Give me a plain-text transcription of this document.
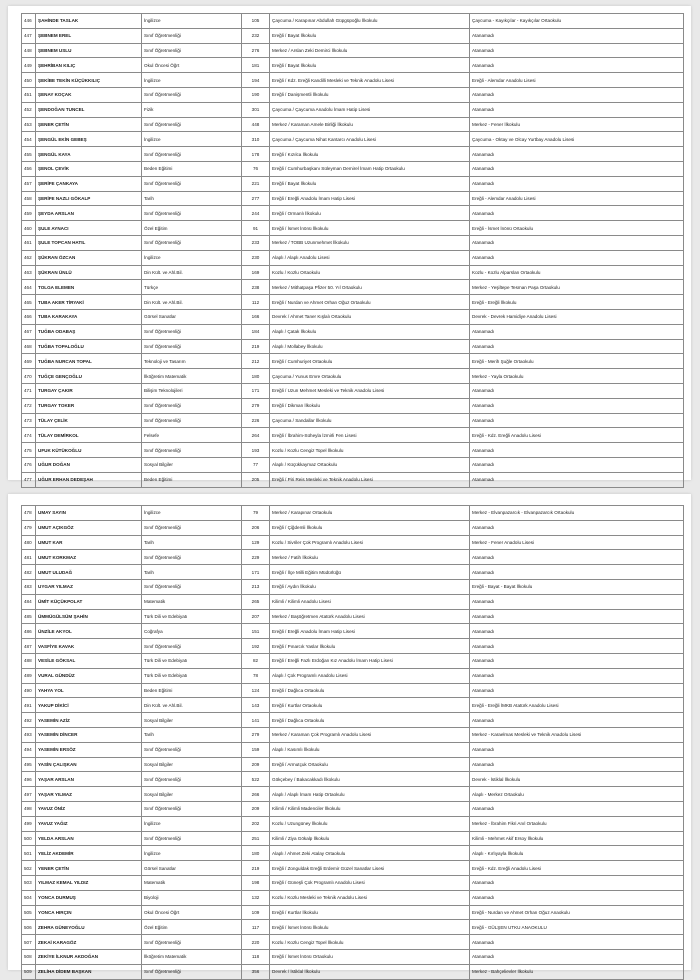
446	ŞAHİNDE TASLAK	İngilizce	105	Çaycuma / Karapınar Abdullah Güpgüpoğlu İlkokulu	Çaycuma - Kayıkçılar - Kayıkçılar Ortaokulu
447	ŞEBNEM EREL	Sınıf Öğretmenliği	232	Ereğli / Bayat İlkokulu	Atanamadı
448	ŞEBNEM USLU	Sınıf Öğretmenliği	276	Merkez / Arslan Zeki Demirci İlkokulu	Atanamadı
449	ŞEHRİBAN KILIÇ	Okul Öncesi Öğrt	181	Ereğli / Bayat İlkokulu	Atanamadı
450	ŞEKİBE TEKİN KÜÇÜKKILIÇ	İngilizce	194	Ereğli / Kdz. Ereğli Kandilli Mesleki ve Teknik Anadolu Lisesi	Ereğli - Alemdar Anadolu Lisesi
451	ŞENAY KOÇAK	Sınıf Öğretmenliği	190	Ereğli / Danişmentli İlkokulu	Atanamadı
452	ŞENDOĞAN TUNCEL	Fizik	301	Çaycuma / Çaycuma Anadolu İmam Hatip Lisesi	Atanamadı
453	ŞENER ÇETİN	Sınıf Öğretmenliği	448	Merkez / Karaman Amele Birliği İlkokulu	Merkez - Fener İlkokulu
454	ŞENGÜL EKİN GEBEŞ	İngilizce	310	Çaycuma / Çaycuma Nihat Kantarcı Anadolu Lisesi	Çaycuma - Oktay ve Olcay Yurtbay Anadolu Lisesi
455	ŞENGÜL KAYA	Sınıf Öğretmenliği	178	Ereğli / Kızılca İlkokulu	Atanamadı
456	ŞENOL ÇEVİK	Beden Eğitimi	76	Ereğli / Cumhurbaşkanı Süleyman Demirel İmam Hatip Ortaokulu	Atanamadı
457	ŞERİFE ÇANKAYA	Sınıf Öğretmenliği	221	Ereğli / Bayat İlkokulu	Atanamadı
458	ŞERİFE NAZLI GÖKALP	Tarih	277	Ereğli / Ereğli Anadolu İmam Hatip Lisesi	Ereğli - Alemdar Anadolu Lisesi
459	ŞEYDA ARSLAN	Sınıf Öğretmenliği	244	Ereğli / Ormanlı İlkokulu	Atanamadı
460	ŞULE AYNACI	Özel Eğitim	91	Ereğli / İsmet İnönü İlkokulu	Ereğli - İsmet İnönü Ortaokulu
461	ŞULE TOPCAN HATIL	Sınıf Öğretmenliği	233	Merkez / TOBB Uzunmehmet İlkokulu	Atanamadı
462	ŞÜKRAN ÖZCAN	İngilizce	230	Alaplı / Alaplı Anadolu Lisesi	Atanamadı
463	ŞÜKRAN ÜNLÜ	Din Kült. ve Ahl.Bil.	169	Kozlu / Kozlu Ortaokulu	Kozlu - Kozlu Alparslan Ortaokulu
464	TOLGA ELEMEN	Türkçe	238	Merkez / Mithatpaşa Pfizer 50. Yıl Ortaokulu	Merkez - Yeşiltepe Tesman Paşa Ortaokulu
465	TUBA AKER TİRYAKİ	Din Kült. ve Ahl.Bil.	112	Ereğli / Nurdan ve Ahmet Orhan Oğuz Ortaokulu	Ereğli - Ereğli İlkokulu
466	TUBA KARAKAYA	Görsel Sanatlar	166	Devrek / Ahmet Taner Kışlalı Ortaokulu	Devrek - Devrek Hamidiye Anadolu Lisesi
467	TUĞBA ODABAŞ	Sınıf Öğretmenliği	184	Alaplı / Çatak İlkokulu	Atanamadı
468	TUĞBA TOPALOĞLU	Sınıf Öğretmenliği	219	Alaplı / Mollabey İlkokulu	Atanamadı
469	TUĞBA NURCAN TOPAL	Teknoloji ve Tasarım	212	Ereğli / Cumhuriyet Ortaokulu	Ereğli - Merih Şuğle Ortaokulu
470	TUĞÇE GENÇOĞLU	İlköğretim Matematik	180	Çaycuma / Yunus Emre Ortaokulu	Merkez - Yayla Ortaokulu
471	TURGAY ÇAKIR	Bilişim Teknolojileri	171	Ereğli / Uzun Mehmet Mesleki ve Teknik Anadolu Lisesi	Atanamadı
472	TURGAY TOKER	Sınıf Öğretmenliği	279	Ereğli / Dikman İlkokulu	Atanamadı
473	TÜLAY ÇELİK	Sınıf Öğretmenliği	226	Çaycuma / Sandallar İlkokulu	Atanamadı
474	TÜLAY DEMİRKOL	Felsefe	264	Ereğli / İbrahim-Süheyla İzmirli Fen Lisesi	Ereğli - Kdz. Ereğli Anadolu Lisesi
475	UFUK KÜTÜKOĞLU	Sınıf Öğretmenliği	193	Kozlu / Kozlu Cengiz Topel İlkokulu	Atanamadı
476	UĞUR DOĞAN	Sosyal Bilgiler	77	Alaplı / Küçükkaymaz Ortaokulu	Atanamadı
477	UĞUR ERHAN DEDEŞAH	Beden Eğitimi	205	Ereğli / Piri Reis Mesleki ve Teknik Anadolu Lisesi	Atanamadı
478	UMAY SAYIN	İngilizce	79	Merkez / Karapınar Ortaokulu	Merkez - Elvanpazarcık - Elvanpazarcık Ortaokulu
479	UMUT AÇIKGÖZ	Sınıf Öğretmenliği	206	Ereğli / Çiğdemli İlkokulu	Atanamadı
480	UMUT KAR	Tarih	129	Kozlu / Sivriler Çok Programlı Anadolu Lisesi	Merkez - Fener Anadolu Lisesi
481	UMUT KORKMAZ	Sınıf Öğretmenliği	229	Merkez / Fatih İlkokulu	Atanamadı
482	UMUT ULUDAĞ	Tarih	171	Ereğli / İlçe Milli Eğitim Müdürlüğü	Atanamadı
483	UYGAR YILMAZ	Sınıf Öğretmenliği	213	Ereğli / Aydın İlkokulu	Ereğli - Bayat - Bayat İlkokulu
484	ÜMİT KÜÇÜKPOLAT	Matematik	265	Kilimli / Kilimli Anadolu Lisesi	Atanamadı
485	ÜMMÜGÜLSÜM ŞAHİN	Türk Dili ve Edebiyatı	207	Merkez / Başöğretmen Atatürk Anadolu Lisesi	Atanamadı
486	ÜNZİLE AKYOL	Coğrafya	151	Ereğli / Ereğli Anadolu İmam Hatip Lisesi	Atanamadı
487	VASFİYE KAVAK	Sınıf Öğretmenliği	192	Ereğli / Pınarcık Yaslar İlkokulu	Atanamadı
488	VESİLE GÖKSAL	Türk Dili ve Edebiyatı	82	Ereğli / Ereğli Fazlı Erdoğan Kız Anadolu İmam Hatip Lisesi	Atanamadı
489	VURAL GÜNDÜZ	Türk Dili ve Edebiyatı	78	Alaplı / Çok Programlı Anadolu Lisesi	Atanamadı
490	YAHYA YOL	Beden Eğitimi	124	Ereğli / Dağlıca Ortaokulu	Atanamadı
491	YAKUP DİKİCİ	Din Kült. ve Ahl.Bil.	143	Ereğli / Kurtlar Ortaokulu	Ereğli - Ereğli İMKB Atatürk Anadolu Lisesi
492	YASEMİN AZİZ	Sosyal Bilgiler	141	Ereğli / Dağlıca Ortaokulu	Atanamadı
493	YASEMİN DİNCER	Tarih	279	Merkez / Karaman Çok Programlı Anadolu Lisesi	Merkez - Karaelmas Mesleki ve Teknik Anadolu Lisesi
494	YASEMİN ERSÖZ	Sınıf Öğretmenliği	159	Alaplı / Kasımlı İlkokulu	Atanamadı
495	YASİN ÇALIŞKAN	Sosyal Bilgiler	209	Ereğli / Armutçuk Ortaokulu	Atanamadı
496	YAŞAR ARSLAN	Sınıf Öğretmenliği	522	Gökçebey / Bakacakkadı İlkokulu	Devrek - İstiklal İlkokulu
497	YAŞAR YILMAZ	Sosyal Bilgiler	266	Alaplı / Alaplı İmam Hatip Ortaokulu	Alaplı - Merkez Ortaokulu
498	YAVUZ ÖNİZ	Sınıf Öğretmenliği	209	Kilimli / Kilimli Madenciler İlkokulu	Atanamadı
499	YAVUZ YAĞIZ	İngilizce	202	Kozlu / Uzungüney İlkokulu	Merkez - İbrahim Fikri Anıl Ortaokulu
500	YELDA ARSLAN	Sınıf Öğretmenliği	251	Kilimli / Ziya Gökalp İlkokulu	Kilimli - Mehmet Akif Ersoy İlkokulu
501	YELİZ AKDEMİR	İngilizce	180	Alaplı / Ahmet Zeki Atalay Ortaokulu	Alaplı - Kırlıyayla İlkokulu
502	YENER ÇETİN	Görsel Sanatlar	219	Ereğli / Zonguldak Ereğli Erdemir Güzel Sanatlar Lisesi	Ereğli - Kdz. Ereğli Anadolu Lisesi
503	YILMAZ KEMAL YILDIZ	Matematik	198	Ereğli / Güneşli Çok Programlı Anadolu Lisesi	Atanamadı
504	YONCA DURMUŞ	Biyoloji	132	Kozlu / Kozlu Mesleki ve Teknik Anadolu Lisesi	Atanamadı
505	YONCA HIRÇIN	Okul Öncesi Öğrt	109	Ereğli / Kurtlar İlkokulu	Ereğli - Nurdan ve Ahmet Orhan Oğuz Anaokulu
506	ZEHRA GÜNEYOĞLU	Özel Eğitim	117	Ereğli / İsmet İnönü İlkokulu	Ereğli - GÜLŞEN UTKU ANAOKULU
507	ZEKAİ KARAGÖZ	Sınıf Öğretmenliği	220	Kozlu / Kozlu Cengiz Topel İlkokulu	Atanamadı
508	ZEKİYE İLKNUR AKDOĞAN	İlköğretim Matematik	118	Ereğli / İsmet İnönü Ortaokulu	Atanamadı
509	ZELİHA DİDEM BAŞKAN	Sınıf Öğretmenliği	356	Devrek / İstiklal İlkokulu	Merkez - Bahçelievler İlkokulu
